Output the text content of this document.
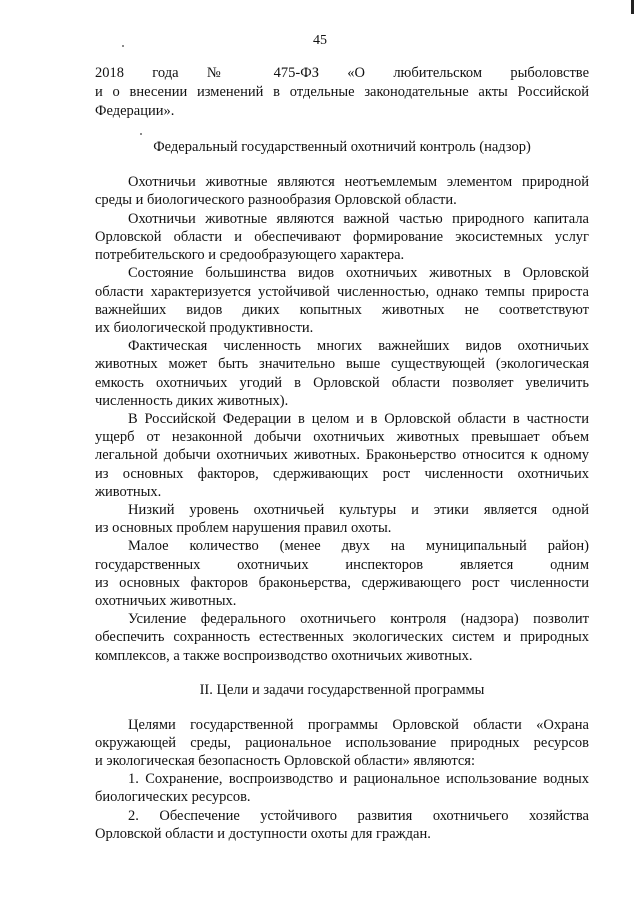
45
2018 года № 475-ФЗ «О любительском рыболовстве
и о внесении изменений в отдельные законодательные акты Российской
Федерации».
Федеральный государственный охотничий контроль (надзор)
Охотничьи животные являются неотъемлемым элементом природной
среды и биологического разнообразия Орловской области.
Охотничьи животные являются важной частью природного капитала
Орловской области и обеспечивают формирование экосистемных услуг
потребительского и средообразующего характера.
Состояние большинства видов охотничьих животных в Орловской
области характеризуется устойчивой численностью, однако темпы прироста
важнейших видов диких копытных животных не соответствуют
их биологической продуктивности.
Фактическая численность многих важнейших видов охотничьих
животных может быть значительно выше существующей (экологическая
емкость охотничьих угодий в Орловской области позволяет увеличить
численность диких животных).
В Российской Федерации в целом и в Орловской области в частности
ущерб от незаконной добычи охотничьих животных превышает объем
легальной добычи охотничьих животных. Браконьерство относится к одному
из основных факторов, сдерживающих рост численности охотничьих
животных.
Низкий уровень охотничьей культуры и этики является одной
из основных проблем нарушения правил охоты.
Малое количество (менее двух на муниципальный район)
государственных охотничьих инспекторов является одним
из основных факторов браконьерства, сдерживающего рост численности
охотничьих животных.
Усиление федерального охотничьего контроля (надзора) позволит
обеспечить сохранность естественных экологических систем и природных
комплексов, а также воспроизводство охотничьих животных.
II. Цели и задачи государственной программы
Целями государственной программы Орловской области «Охрана
окружающей среды, рациональное использование природных ресурсов
и экологическая безопасность Орловской области» являются:
1. Сохранение, воспроизводство и рациональное использование водных
биологических ресурсов.
2. Обеспечение устойчивого развития охотничьего хозяйства
Орловской области и доступности охоты для граждан.
